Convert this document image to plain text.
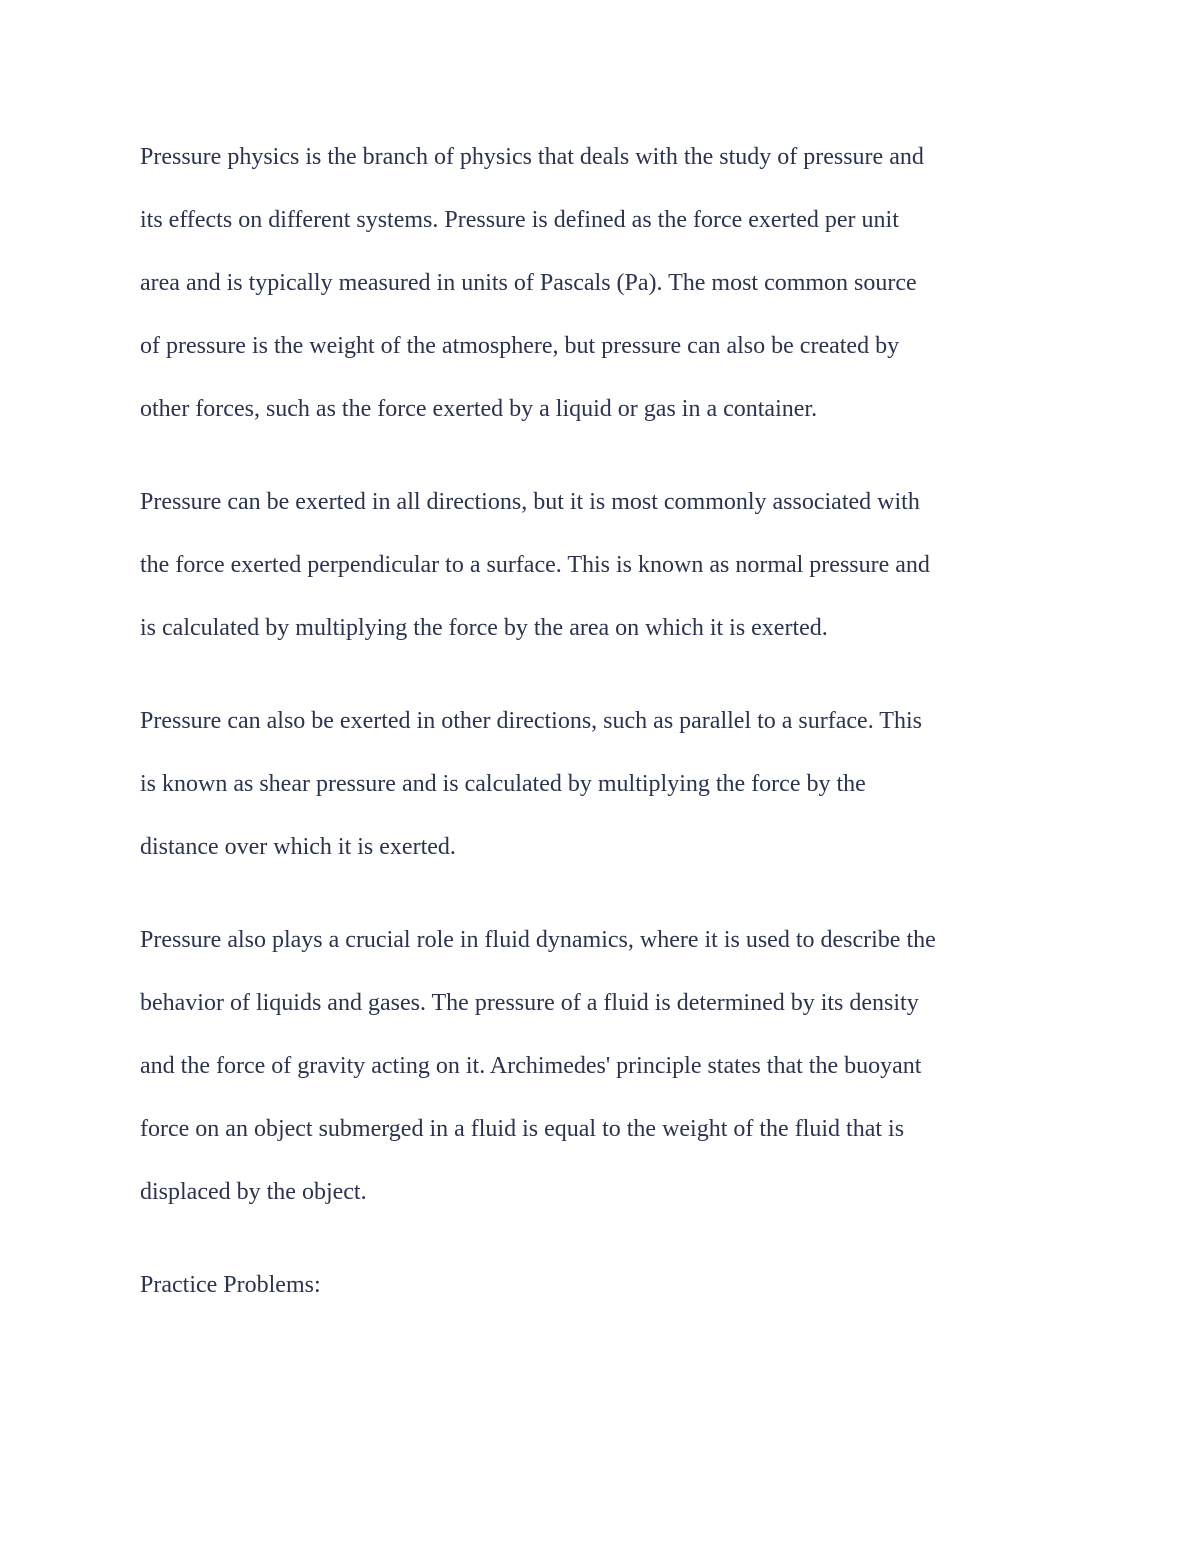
Pressure physics is the branch of physics that deals with the study of pressure and
its effects on different systems. Pressure is defined as the force exerted per unit
area and is typically measured in units of Pascals (Pa). The most common source
of pressure is the weight of the atmosphere, but pressure can also be created by
other forces, such as the force exerted by a liquid or gas in a container.

Pressure can be exerted in all directions, but it is most commonly associated with
the force exerted perpendicular to a surface. This is known as normal pressure and
is calculated by multiplying the force by the area on which it is exerted.

Pressure can also be exerted in other directions, such as parallel to a surface. This
is known as shear pressure and is calculated by multiplying the force by the
distance over which it is exerted.

Pressure also plays a crucial role in fluid dynamics, where it is used to describe the
behavior of liquids and gases. The pressure of a fluid is determined by its density
and the force of gravity acting on it. Archimedes' principle states that the buoyant
force on an object submerged in a fluid is equal to the weight of the fluid that is
displaced by the object.

Practice Problems:
